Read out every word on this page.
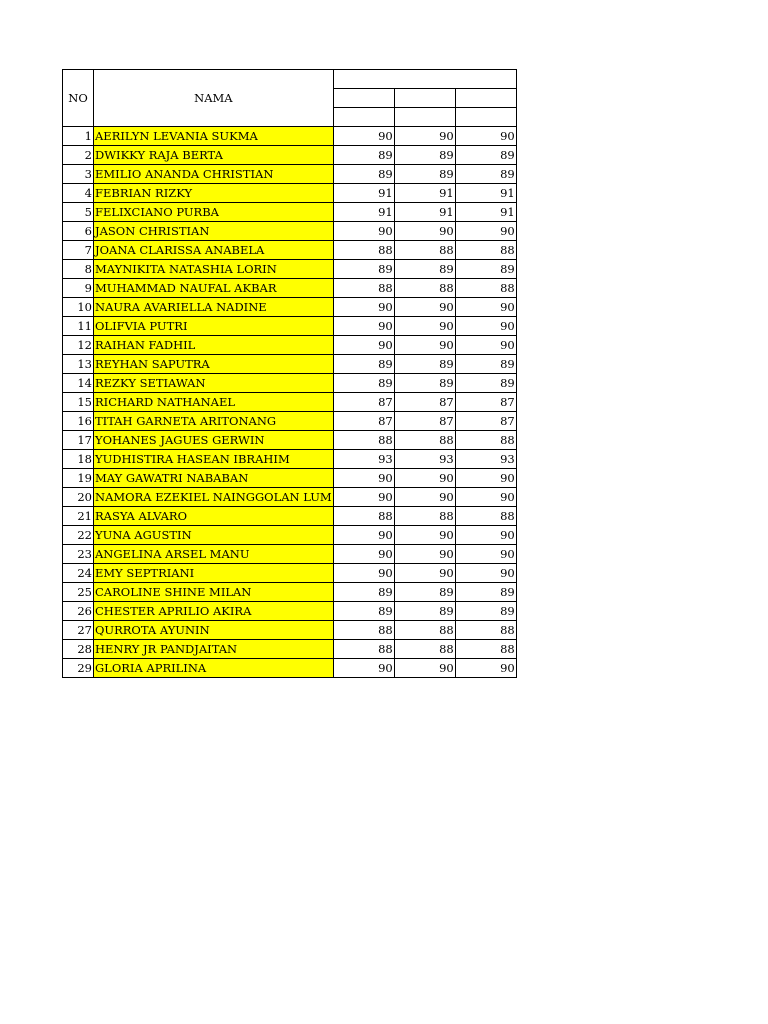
NO	NAMA			

1	AERILYN LEVANIA SUKMA	90	90	90
2	DWIKKY RAJA BERTA	89	89	89
3	EMILIO ANANDA CHRISTIAN	89	89	89
4	FEBRIAN RIZKY	91	91	91
5	FELIXCIANO PURBA	91	91	91
6	JASON CHRISTIAN	90	90	90
7	JOANA CLARISSA ANABELA	88	88	88
8	MAYNIKITA NATASHIA LORIN	89	89	89
9	MUHAMMAD NAUFAL AKBAR	88	88	88
10	NAURA AVARIELLA NADINE	90	90	90
11	OLIFVIA PUTRI	90	90	90
12	RAIHAN FADHIL	90	90	90
13	REYHAN SAPUTRA	89	89	89
14	REZKY SETIAWAN	89	89	89
15	RICHARD NATHANAEL	87	87	87
16	TITAH GARNETA ARITONANG	87	87	87
17	YOHANES JAGUES GERWIN	88	88	88
18	YUDHISTIRA HASEAN IBRAHIM	93	93	93
19	MAY GAWATRI NABABAN	90	90	90
20	NAMORA EZEKIEL NAINGGOLAN LUM	90	90	90
21	RASYA ALVARO	88	88	88
22	YUNA AGUSTIN	90	90	90
23	ANGELINA ARSEL MANU	90	90	90
24	EMY SEPTRIANI	90	90	90
25	CAROLINE SHINE MILAN	89	89	89
26	CHESTER APRILIO AKIRA	89	89	89
27	QURROTA AYUNIN	88	88	88
28	HENRY JR PANDJAITAN	88	88	88
29	GLORIA APRILINA	90	90	90
